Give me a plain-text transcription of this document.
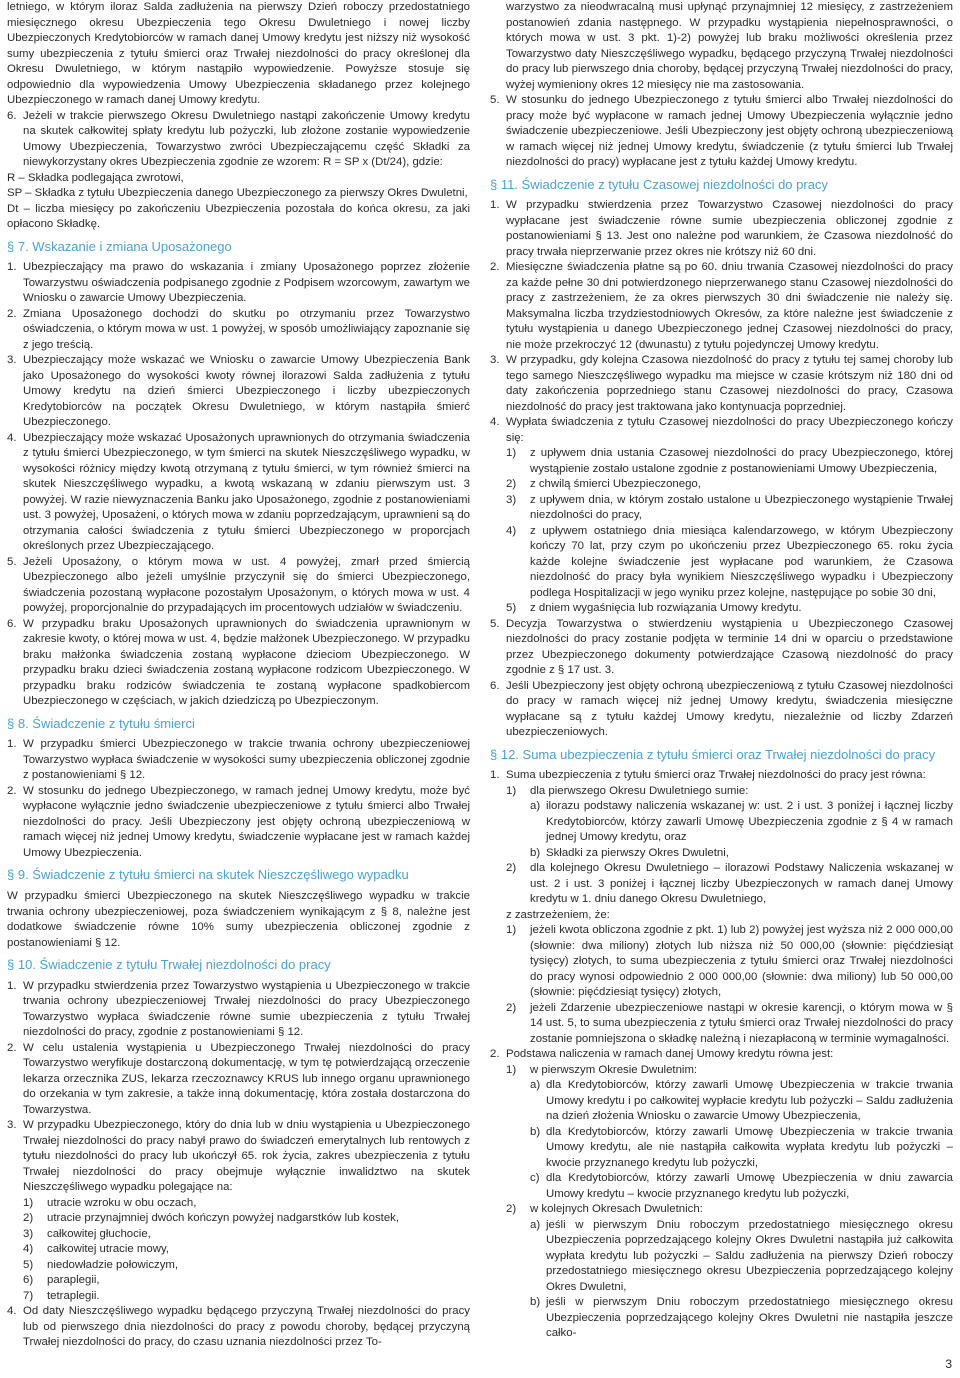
letniego, w którym iloraz Salda zadłużenia na pierwszy Dzień roboczy przedostatniego miesięcznego okresu Ubezpieczenia tego Okresu Dwuletniego i nowej liczby Ubezpieczonych Kredytobiorców w ramach danej Umowy kredytu jest niższy niż wysokość sumy ubezpieczenia z tytułu śmierci oraz Trwałej niezdolności do pracy określonej dla Okresu Dwuletniego, w którym nastąpiło wypowiedzenie. Powyższe stosuje się odpowiednio dla wypowiedzenia Umowy Ubezpieczenia składanego przez kolejnego Ubezpieczonego w ramach danej Umowy kredytu.

6. Jeżeli w trakcie pierwszego Okresu Dwuletniego nastąpi zakończenie Umowy kredytu na skutek całkowitej spłaty kredytu lub pożyczki, lub złożone zostanie wypowiedzenie Umowy Ubezpieczenia, Towarzystwo zwróci Ubezpieczającemu część Składki za niewykorzystany okres Ubezpieczenia zgodnie ze wzorem: R = SP x (Dt/24), gdzie:

R – Składka podlegająca zwrotowi,

SP – Składka z tytułu Ubezpieczenia danego Ubezpieczonego za pierwszy Okres Dwuletni,

Dt – liczba miesięcy po zakończeniu Ubezpieczenia pozostała do końca okresu, za jaki opłacono Składkę.

§ 7. Wskazanie i zmiana Uposażonego
1. Ubezpieczający ma prawo do wskazania i zmiany Uposażonego poprzez złożenie Towarzystwu oświadczenia podpisanego zgodnie z Podpisem wzorcowym, zawartym we Wniosku o zawarcie Umowy Ubezpieczenia.
2. Zmiana Uposażonego dochodzi do skutku po otrzymaniu przez Towarzystwo oświadczenia, o którym mowa w ust. 1 powyżej, w sposób umożliwiający zapoznanie się z jego treścią.
3. Ubezpieczający może wskazać we Wniosku o zawarcie Umowy Ubezpieczenia Bank jako Uposażonego do wysokości kwoty równej ilorazowi Salda zadłużenia z tytułu Umowy kredytu na dzień śmierci Ubezpieczonego i liczby ubezpieczonych Kredytobiorców na początek Okresu Dwuletniego, w którym nastąpiła śmierć Ubezpieczonego.
4. Ubezpieczający może wskazać Uposażonych uprawnionych do otrzymania świadczenia z tytułu śmierci Ubezpieczonego, w tym śmierci na skutek Nieszczęśliwego wypadku, w wysokości różnicy między kwotą otrzymaną z tytułu śmierci, w tym również śmierci na skutek Nieszczęśliwego wypadku, a kwotą wskazaną w zdaniu pierwszym ust. 3 powyżej. W razie niewyznaczenia Banku jako Uposażonego, zgodnie z postanowieniami ust. 3 powyżej, Uposażeni, o których mowa w zdaniu poprzedzającym, uprawnieni są do otrzymania całości świadczenia z tytułu śmierci Ubezpieczonego w proporcjach określonych przez Ubezpieczającego.
5. Jeżeli Uposażony, o którym mowa w ust. 4 powyżej, zmarł przed śmiercią Ubezpieczonego albo jeżeli umyślnie przyczynił się do śmierci Ubezpieczonego, świadczenia pozostaną wypłacone pozostałym Uposażonym, o których mowa w ust. 4 powyżej, proporcjonalnie do przypadających im procentowych udziałów w świadczeniu.
6. W przypadku braku Uposażonych uprawnionych do świadczenia uprawnionym w zakresie kwoty, o której mowa w ust. 4, będzie małżonek Ubezpieczonego. W przypadku braku małżonka świadczenia zostaną wypłacone dzieciom Ubezpieczonego. W przypadku braku dzieci świadczenia zostaną wypłacone rodzicom Ubezpieczonego. W przypadku braku rodziców świadczenia te zostaną wypłacone spadkobiercom Ubezpieczonego w częściach, w jakich dziedziczą po Ubezpieczonym.
§ 8. Świadczenie z tytułu śmierci
1. W przypadku śmierci Ubezpieczonego w trakcie trwania ochrony ubezpieczeniowej Towarzystwo wypłaca świadczenie w wysokości sumy ubezpieczenia obliczonej zgodnie z postanowieniami § 12.
2. W stosunku do jednego Ubezpieczonego, w ramach jednej Umowy kredytu, może być wypłacone wyłącznie jedno świadczenie ubezpieczeniowe z tytułu śmierci albo Trwałej niezdolności do pracy. Jeśli Ubezpieczony jest objęty ochroną ubezpieczeniową w ramach więcej niż jednej Umowy kredytu, świadczenie wypłacane jest w ramach każdej Umowy Ubezpieczenia.
§ 9. Świadczenie z tytułu śmierci na skutek Nieszczęśliwego wypadku

W przypadku śmierci Ubezpieczonego na skutek Nieszczęśliwego wypadku w trakcie trwania ochrony ubezpieczeniowej, poza świadczeniem wynikającym z § 8, należne jest dodatkowe świadczenie równe 10% sumy ubezpieczenia obliczonej zgodnie z postanowieniami § 12.

§ 10. Świadczenie z tytułu Trwałej niezdolności do pracy
1. W przypadku stwierdzenia przez Towarzystwo wystąpienia u Ubezpieczonego w trakcie trwania ochrony ubezpieczeniowej Trwałej niezdolności do pracy Ubezpieczonego Towarzystwo wypłaca świadczenie równe sumie ubezpieczenia z tytułu Trwałej niezdolności do pracy, zgodnie z postanowieniami § 12.
2. W celu ustalenia wystąpienia u Ubezpieczonego Trwałej niezdolności do pracy Towarzystwo weryfikuje dostarczoną dokumentację, w tym tę potwierdzającą orzeczenie lekarza orzecznika ZUS, lekarza rzeczoznawcy KRUS lub innego organu uprawnionego do orzekania w tym zakresie, a także inną dokumentację, która została dostarczona do Towarzystwa.
3. W przypadku Ubezpieczonego, który do dnia lub w dniu wystąpienia u Ubezpieczonego Trwałej niezdolności do pracy nabył prawo do świadczeń emerytalnych lub rentowych z tytułu niezdolności do pracy lub ukończył 65. rok życia, zakres ubezpieczenia z tytułu Trwałej niezdolności do pracy obejmuje wyłącznie inwalidztwo na skutek Nieszczęśliwego wypadku polegające na:
1)	utracie wzroku w obu oczach,
2)	utracie przynajmniej dwóch kończyn powyżej nadgarstków lub kostek,
3)	całkowitej głuchocie,
4)	całkowitej utracie mowy,
5)	niedowładzie połowiczym,
6)	paraplegii,
7)	tetraplegii.
4. Od daty Nieszczęśliwego wypadku będącego przyczyną Trwałej niezdolności do pracy lub od pierwszego dnia niezdolności do pracy z powodu choroby, będącej przyczyną Trwałej niezdolności do pracy, do czasu uznania niezdolności przez To-
warzystwo za nieodwracalną musi upłynąć przynajmniej 12 miesięcy, z zastrzeżeniem postanowień zdania następnego. W przypadku wystąpienia niepełnosprawności, o których mowa w ust. 3 pkt. 1)-2) powyżej lub braku możliwości określenia przez Towarzystwo daty Nieszczęśliwego wypadku, będącego przyczyną Trwałej niezdolności do pracy lub pierwszego dnia choroby, będącej przyczyną Trwałej niezdolności do pracy, wyżej wymieniony okres 12 miesięcy nie ma zastosowania.
5. W stosunku do jednego Ubezpieczonego z tytułu śmierci albo Trwałej niezdolności do pracy może być wypłacone w ramach jednej Umowy Ubezpieczenia wyłącznie jedno świadczenie ubezpieczeniowe. Jeśli Ubezpieczony jest objęty ochroną ubezpieczeniową w ramach więcej niż jednej Umowy kredytu, świadczenie (z tytułu śmierci lub Trwałej niezdolności do pracy) wypłacane jest z tytułu każdej Umowy kredytu.
§ 11. Świadczenie z tytułu Czasowej niezdolności do pracy
1. W przypadku stwierdzenia przez Towarzystwo Czasowej niezdolności do pracy wypłacane jest świadczenie równe sumie ubezpieczenia obliczonej zgodnie z postanowieniami § 13. Jest ono należne pod warunkiem, że Czasowa niezdolność do pracy trwała nieprzerwanie przez okres nie krótszy niż 60 dni.
2. Miesięczne świadczenia płatne są po 60. dniu trwania Czasowej niezdolności do pracy za każde pełne 30 dni potwierdzonego nieprzerwanego stanu Czasowej niezdolności do pracy z zastrzeżeniem, że za okres pierwszych 30 dni świadczenie nie należy się. Maksymalna liczba trzydziestodniowych Okresów, za które należne jest świadczenie z tytułu wystąpienia u danego Ubezpieczonego jednej Czasowej niezdolności do pracy, nie może przekroczyć 12 (dwunastu) z tytułu pojedynczej Umowy kredytu.
3. W przypadku, gdy kolejna Czasowa niezdolność do pracy z tytułu tej samej choroby lub tego samego Nieszczęśliwego wypadku ma miejsce w czasie krótszym niż 180 dni od daty zakończenia poprzedniego stanu Czasowej niezdolności do pracy, Czasowa niezdolność do pracy jest traktowana jako kontynuacja poprzedniej.
4. Wypłata świadczenia z tytułu Czasowej niezdolności do pracy Ubezpieczonego kończy się:
1)	z upływem dnia ustania Czasowej niezdolności do pracy Ubezpieczonego, której wystąpienie zostało ustalone zgodnie z postanowieniami Umowy Ubezpieczenia,
2)	z chwilą śmierci Ubezpieczonego,
3)	z upływem dnia, w którym zostało ustalone u Ubezpieczonego wystąpienie Trwałej niezdolności do pracy,
4)	z upływem ostatniego dnia miesiąca kalendarzowego, w którym Ubezpieczony kończy 70 lat, przy czym po ukończeniu przez Ubezpieczonego 65. roku życia każde kolejne świadczenie jest wypłacane pod warunkiem, że Czasowa niezdolność do pracy była wynikiem Nieszczęśliwego wypadku i Ubezpieczony podlega Hospitalizacji w jego wyniku przez kolejne, następujące po sobie 30 dni,
5)	z dniem wygaśnięcia lub rozwiązania Umowy kredytu.
5. Decyzja Towarzystwa o stwierdzeniu wystąpienia u Ubezpieczonego Czasowej niezdolności do pracy zostanie podjęta w terminie 14 dni w oparciu o przedstawione przez Ubezpieczonego dokumenty potwierdzające Czasową niezdolność do pracy zgodnie z § 17 ust. 3.
6. Jeśli Ubezpieczony jest objęty ochroną ubezpieczeniową z tytułu Czasowej niezdolności do pracy w ramach więcej niż jednej Umowy kredytu, świadczenia miesięczne wypłacane są z tytułu każdej Umowy kredytu, niezależnie od liczby Zdarzeń ubezpieczeniowych.
§ 12. Suma ubezpieczenia z tytułu śmierci oraz Trwałej niezdolności do pracy
1. Suma ubezpieczenia z tytułu śmierci oraz Trwałej niezdolności do pracy jest równa:
1)	dla pierwszego Okresu Dwuletniego sumie:
a) ilorazu podstawy naliczenia wskazanej w: ust. 2 i ust. 3 poniżej i łącznej liczby Kredytobiorców, którzy zawarli Umowę Ubezpieczenia zgodnie z § 4 w ramach jednej Umowy kredytu, oraz
b) Składki za pierwszy Okres Dwuletni,
2)	dla kolejnego Okresu Dwuletniego – ilorazowi Podstawy Naliczenia wskazanej w ust. 2 i ust. 3 poniżej i łącznej liczby Ubezpieczonych w ramach danej Umowy kredytu w 1. dniu danego Okresu Dwuletniego,
z zastrzeżeniem, że:
1)	jeżeli kwota obliczona zgodnie z pkt. 1) lub 2) powyżej jest wyższa niż 2 000 000,00 (słownie: dwa miliony) złotych lub niższa niż 50 000,00 (słownie: pięćdziesiąt tysięcy) złotych, to suma ubezpieczenia z tytułu śmierci oraz Trwałej niezdolności do pracy wynosi odpowiednio 2 000 000,00 (słownie: dwa miliony) lub 50 000,00 (słownie: pięćdziesiąt tysięcy) złotych,
2)	jeżeli Zdarzenie ubezpieczeniowe nastąpi w okresie karencji, o którym mowa w § 14 ust. 5, to suma ubezpieczenia z tytułu śmierci oraz Trwałej niezdolności do pracy zostanie pomniejszona o składkę należną i niezapłaconą w terminie wymagalności.
2. Podstawa naliczenia w ramach danej Umowy kredytu równa jest:
1)	w pierwszym Okresie Dwuletnim:
a) dla Kredytobiorców, którzy zawarli Umowę Ubezpieczenia w trakcie trwania Umowy kredytu i po całkowitej wypłacie kredytu lub pożyczki – Saldu zadłużenia na dzień złożenia Wniosku o zawarcie Umowy Ubezpieczenia,
b) dla Kredytobiorców, którzy zawarli Umowę Ubezpieczenia w trakcie trwania Umowy kredytu, ale nie nastąpiła całkowita wypłata kredytu lub pożyczki – kwocie przyznanego kredytu lub pożyczki,
c) dla Kredytobiorców, którzy zawarli Umowę Ubezpieczenia w dniu zawarcia Umowy kredytu – kwocie przyznanego kredytu lub pożyczki,
2)	w kolejnych Okresach Dwuletnich:
a) jeśli w pierwszym Dniu roboczym przedostatniego miesięcznego okresu Ubezpieczenia poprzedzającego kolejny Okres Dwuletni nastąpiła już całkowita wypłata kredytu lub pożyczki – Saldu zadłużenia na pierwszy Dzień roboczy przedostatniego miesięcznego okresu Ubezpieczenia poprzedzającego kolejny Okres Dwuletni,
b) jeśli w pierwszym Dniu roboczym przedostatniego miesięcznego okresu Ubezpieczenia poprzedzającego kolejny Okres Dwuletni nie nastąpiła jeszcze całko-
3
